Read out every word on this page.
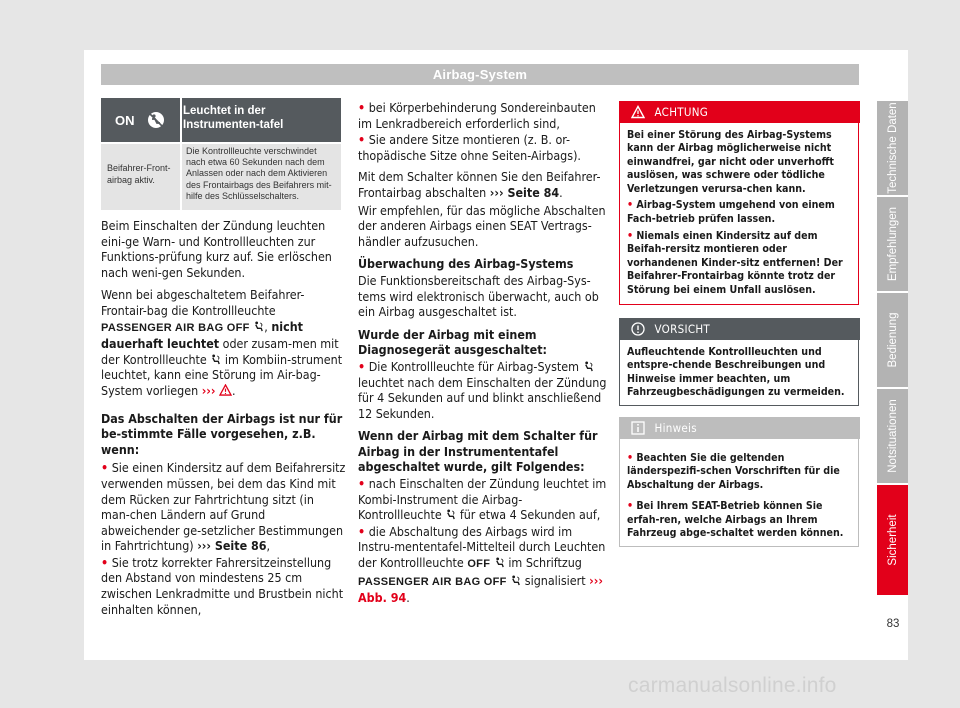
Airbag-System
ON
Leuchtet in der Instrumenten-tafel
Beifahrer-Front-airbag aktiv.
Die Kontrollleuchte verschwindet nach etwa 60 Sekunden nach dem Anlassen oder nach dem Aktivieren des Frontairbags des Beifahrers mit-hilfe des Schlüsselschalters.

Beim Einschalten der Zündung leuchten eini-ge Warn- und Kontrollleuchten zur Funktions-prüfung kurz auf. Sie erlöschen nach weni-gen Sekunden.

Wenn bei abgeschaltetem Beifahrer-Frontair-bag die Kontrollleuchte PASSENGER AIR BAG OFF , nicht dauerhaft leuchtet oder zusam-men mit der Kontrollleuchte im Kombiin-strument leuchtet, kann eine Störung im Air-bag-System vorliegen ››› .

Das Abschalten der Airbags ist nur für be-stimmte Fälle vorgesehen, z.B. wenn:

• Sie einen Kindersitz auf dem Beifahrersitz verwenden müssen, bei dem das Kind mit dem Rücken zur Fahrtrichtung sitzt (in man-chen Ländern auf Grund abweichender ge-setzlicher Bestimmungen in Fahrtrichtung) ››› Seite 86,
• Sie trotz korrekter Fahrersitzeinstellung den Abstand von mindestens 25 cm zwischen Lenkradmitte und Brustbein nicht einhalten können,
• bei Körperbehinderung Sondereinbauten im Lenkradbereich erforderlich sind,
• Sie andere Sitze montieren (z. B. or-thopädische Sitze ohne Seiten-Airbags).

Mit dem Schalter können Sie den Beifahrer-Frontairbag abschalten ››› Seite 84.

Wir empfehlen, für das mögliche Abschalten der anderen Airbags einen SEAT Vertrags-händler aufzusuchen.

Überwachung des Airbag-Systems

Die Funktionsbereitschaft des Airbag-Sys-tems wird elektronisch überwacht, auch ob ein Airbag ausgeschaltet ist.

Wurde der Airbag mit einem Diagnosegerät ausgeschaltet:

• Die Kontrollleuchte für Airbag-System  leuchtet nach dem Einschalten der Zündung für 4 Sekunden auf und blinkt anschließend 12 Sekunden.

Wenn der Airbag mit dem Schalter für Airbag in der Instrumententafel abgeschaltet wurde, gilt Folgendes:

• nach Einschalten der Zündung leuchtet im Kombi-Instrument die Airbag- Kontrollleuchte für etwa 4 Sekunden auf,
• die Abschaltung des Airbags wird im Instru-mententafel-Mittelteil durch Leuchten der Kontrollleuchte OFF im Schriftzug PASSENGER AIR BAG OFF signalisiert ››› Abb. 94.
ACHTUNG
Bei einer Störung des Airbag-Systems kann der Airbag möglicherweise nicht einwandfrei, gar nicht oder unverhofft auslösen, was schwere oder tödliche Verletzungen verursa-chen kann.
• Airbag-System umgehend von einem Fach-betrieb prüfen lassen.
• Niemals einen Kindersitz auf dem Beifah-rersitz montieren oder vorhandenen Kinder-sitz entfernen! Der Beifahrer-Frontairbag könnte trotz der Störung bei einem Unfall auslösen.
VORSICHT
Aufleuchtende Kontrollleuchten und entspre-chende Beschreibungen und Hinweise immer beachten, um Fahrzeugbeschädigungen zu vermeiden.
Hinweis
• Beachten Sie die geltenden länderspezifi-schen Vorschriften für die Abschaltung der Airbags.
• Bei Ihrem SEAT-Betrieb können Sie erfah-ren, welche Airbags an Ihrem Fahrzeug abge-schaltet werden können.
Technische Daten
Empfehlungen
Bedienung
Notsituationen
Sicherheit
83
carmanualsonline.info
